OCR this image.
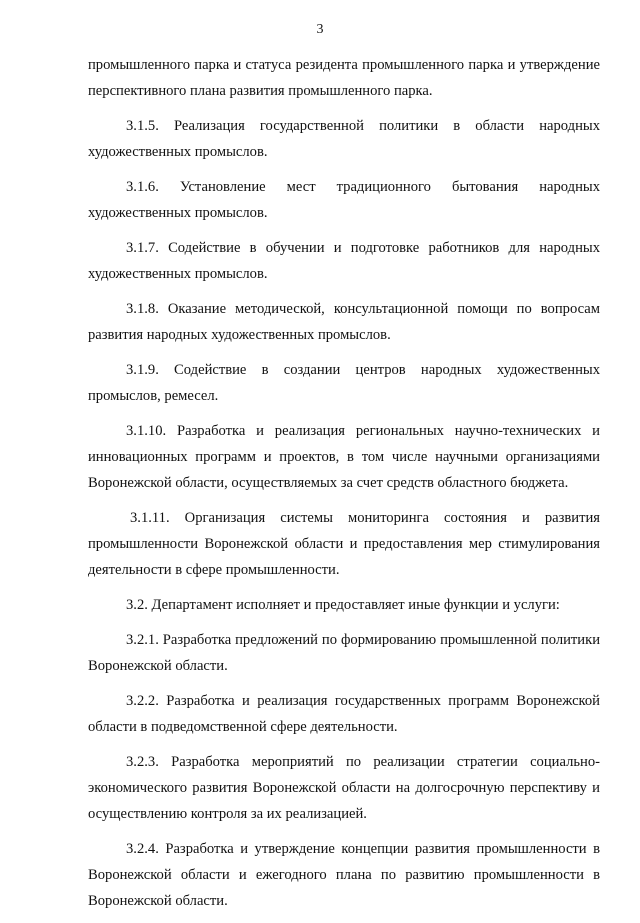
3

промышленного парка и статуса резидента промышленного парка и утверждение перспективного плана развития промышленного парка.

3.1.5. Реализация государственной политики в области народных художественных промыслов.

3.1.6. Установление мест традиционного бытования народных художественных промыслов.

3.1.7. Содействие в обучении и подготовке работников для народных художественных промыслов.

3.1.8. Оказание методической, консультационной помощи по вопросам развития народных художественных промыслов.

3.1.9. Содействие в создании центров народных художественных промыслов, ремесел.

3.1.10. Разработка и реализация региональных научно-технических и инновационных программ и проектов, в том числе научными организациями Воронежской области, осуществляемых за счет средств областного бюджета.

3.1.11. Организация системы мониторинга состояния и развития промышленности Воронежской области и предоставления мер стимулирования деятельности в сфере промышленности.

3.2. Департамент исполняет и предоставляет иные функции и услуги:

3.2.1. Разработка предложений по формированию промышленной политики Воронежской области.

3.2.2. Разработка и реализация государственных программ Воронежской области в подведомственной сфере деятельности.

3.2.3. Разработка мероприятий по реализации стратегии социально-экономического развития Воронежской области на долгосрочную перспективу и осуществлению контроля за их реализацией.

3.2.4. Разработка и утверждение концепции развития промышленности в Воронежской области и ежегодного плана по развитию промышленности в Воронежской области.
